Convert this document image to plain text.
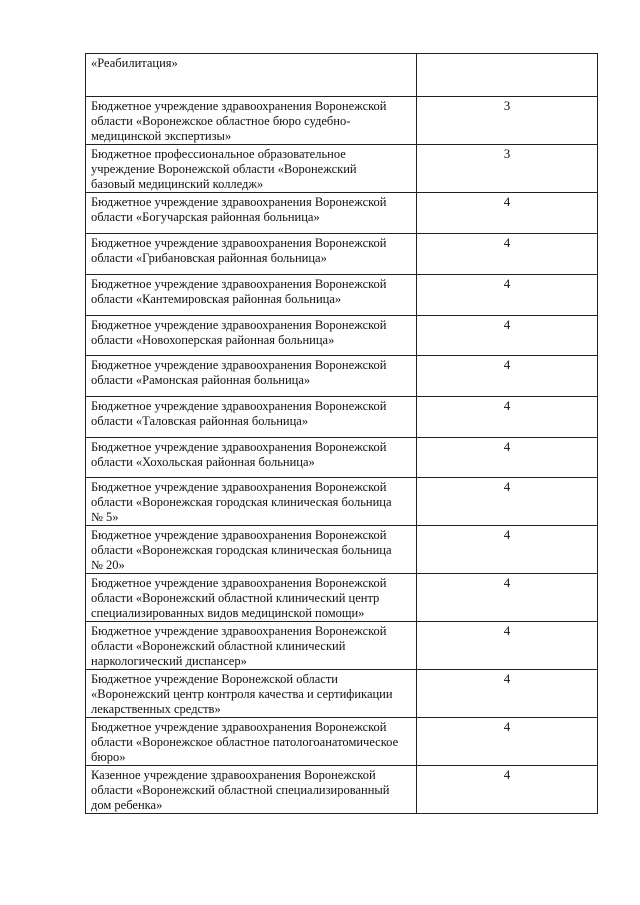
«Реабилитация»	

Бюджетное учреждение здравоохранения Воронежской
области «Воронежское областное бюро судебно-
медицинской экспертизы»	3

Бюджетное профессиональное образовательное
учреждение Воронежской области «Воронежский
базовый медицинский колледж»	3

Бюджетное учреждение здравоохранения Воронежской
области «Богучарская районная больница»	4

Бюджетное учреждение здравоохранения Воронежской
области «Грибановская районная больница»	4

Бюджетное учреждение здравоохранения Воронежской
области «Кантемировская районная больница»	4

Бюджетное учреждение здравоохранения Воронежской
области «Новохоперская районная больница»	4

Бюджетное учреждение здравоохранения Воронежской
области «Рамонская районная больница»	4

Бюджетное учреждение здравоохранения Воронежской
области «Таловская районная больница»	4

Бюджетное учреждение здравоохранения Воронежской
области «Хохольская районная больница»	4

Бюджетное учреждение здравоохранения Воронежской
области «Воронежская городская клиническая больница
№ 5»	4

Бюджетное учреждение здравоохранения Воронежской
области «Воронежская городская клиническая больница
№ 20»	4

Бюджетное учреждение здравоохранения Воронежской
области «Воронежский областной клинический центр
специализированных видов медицинской помощи»	4

Бюджетное учреждение здравоохранения Воронежской
области «Воронежский областной клинический
наркологический диспансер»	4

Бюджетное учреждение Воронежской области
«Воронежский центр контроля качества и сертификации
лекарственных средств»	4

Бюджетное учреждение здравоохранения Воронежской
области «Воронежское областное патологоанатомическое
бюро»	4

Казенное учреждение здравоохранения Воронежской
области «Воронежский областной специализированный
дом ребенка»	4
